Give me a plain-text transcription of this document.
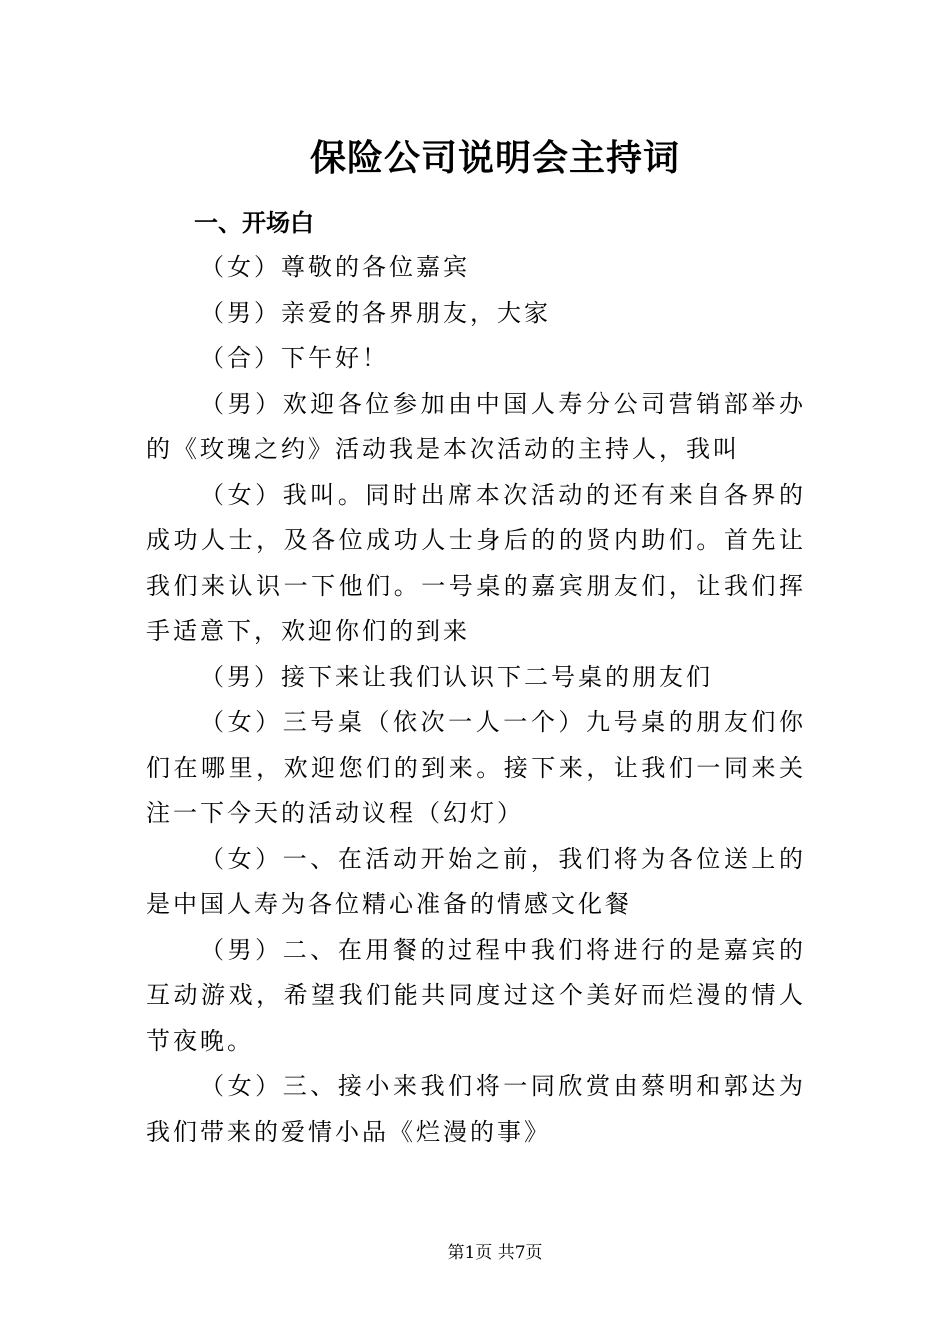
保险公司说明会主持词
一、开场白

（女）尊敬的各位嘉宾

（男）亲爱的各界朋友，大家

（合）下午好！

（男）欢迎各位参加由中国人寿分公司营销部举办的《玫瑰之约》活动我是本次活动的主持人，我叫

（女）我叫。同时出席本次活动的还有来自各界的成功人士，及各位成功人士身后的的贤内助们。首先让我们来认识一下他们。一号桌的嘉宾朋友们，让我们挥手适意下，欢迎你们的到来

（男）接下来让我们认识下二号桌的朋友们

（女）三号桌（依次一人一个）九号桌的朋友们你们在哪里，欢迎您们的到来。接下来，让我们一同来关注一下今天的活动议程（幻灯）

（女）一、在活动开始之前，我们将为各位送上的是中国人寿为各位精心准备的情感文化餐

（男）二、在用餐的过程中我们将进行的是嘉宾的互动游戏，希望我们能共同度过这个美好而烂漫的情人节夜晚。

（女）三、接小来我们将一同欣赏由蔡明和郭达为我们带来的爱情小品《烂漫的事》

第1页 共7页
